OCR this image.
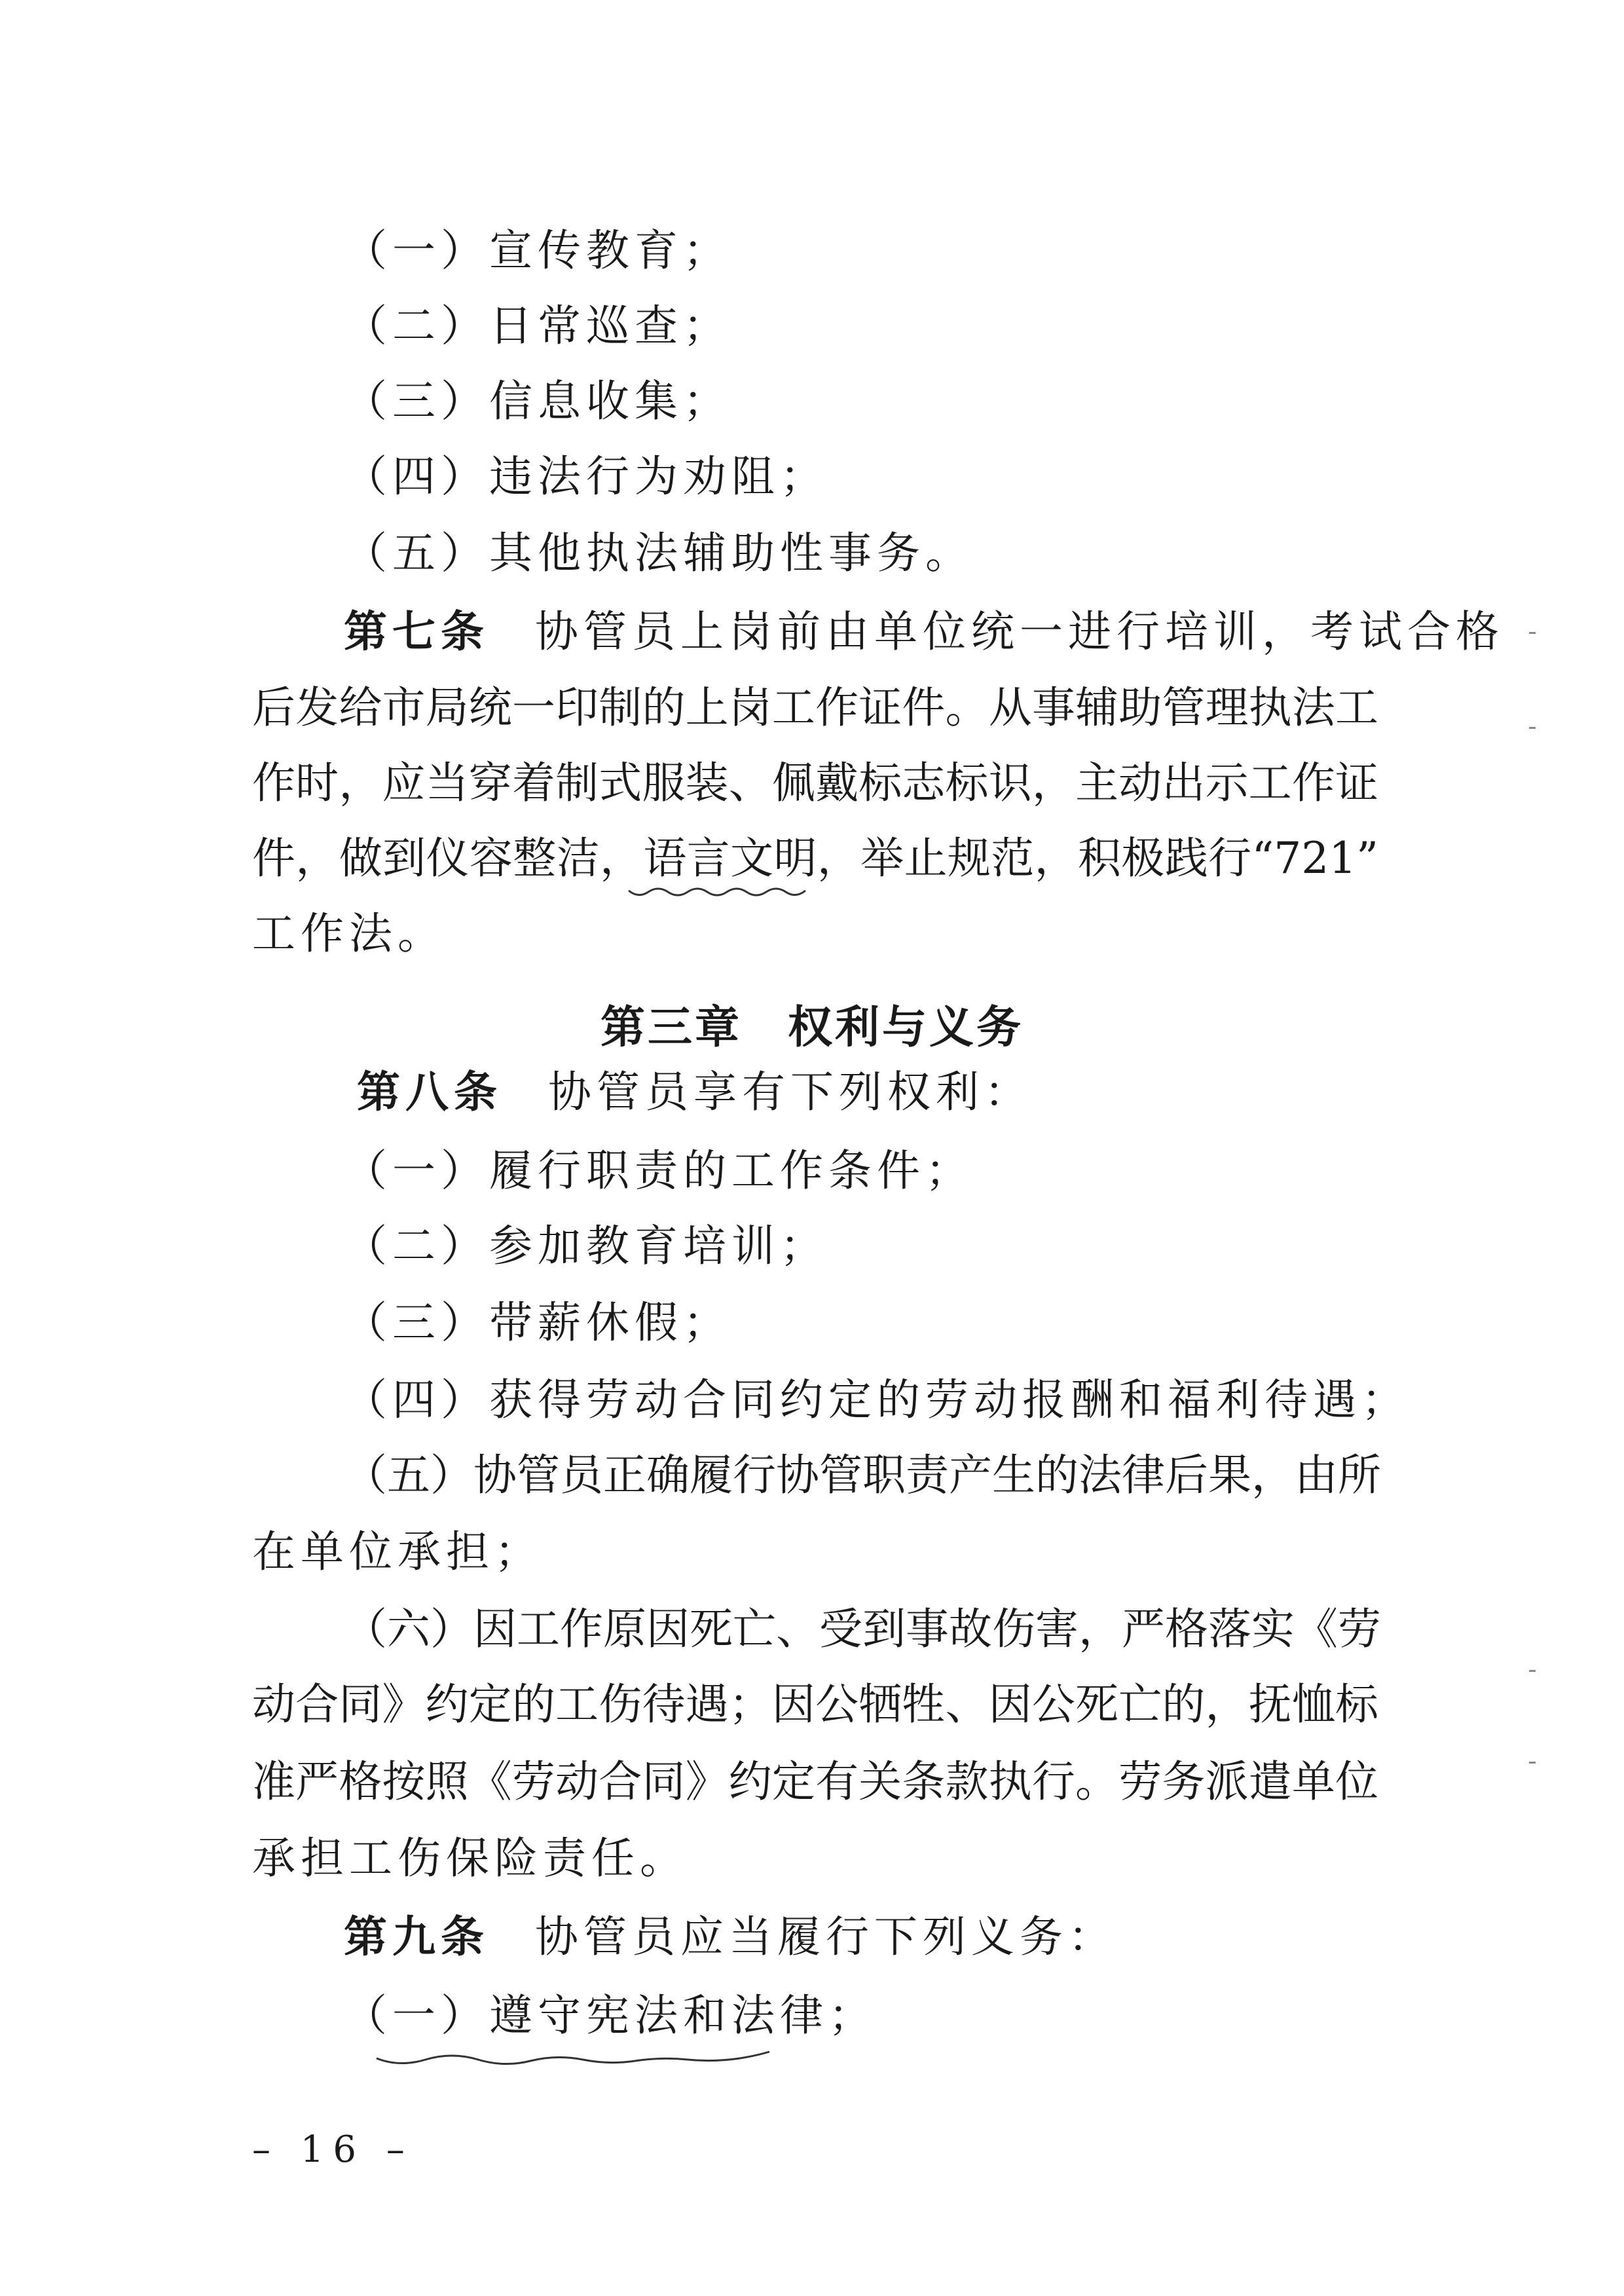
（一）宣传教育；
（二）日常巡查；
（三）信息收集；
（四）违法行为劝阻；
（五）其他执法辅助性事务。
第七条 协管员上岗前由单位统一进行培训，考试合格
后发给市局统一印制的上岗工作证件。从事辅助管理执法工
作时，应当穿着制式服装、佩戴标志标识，主动出示工作证
件，做到仪容整洁，语言文明，举止规范，积极践行“721”
工作法。
第三章 权利与义务
第八条 协管员享有下列权利：
（一）履行职责的工作条件；
（二）参加教育培训；
（三）带薪休假；
（四）获得劳动合同约定的劳动报酬和福利待遇；
（五）协管员正确履行协管职责产生的法律后果，由所
在单位承担；
（六）因工作原因死亡、受到事故伤害，严格落实《劳
动合同》约定的工伤待遇；因公牺牲、因公死亡的，抚恤标
准严格按照《劳动合同》约定有关条款执行。劳务派遣单位
承担工伤保险责任。
第九条 协管员应当履行下列义务：
（一）遵守宪法和法律；
– 16 –
